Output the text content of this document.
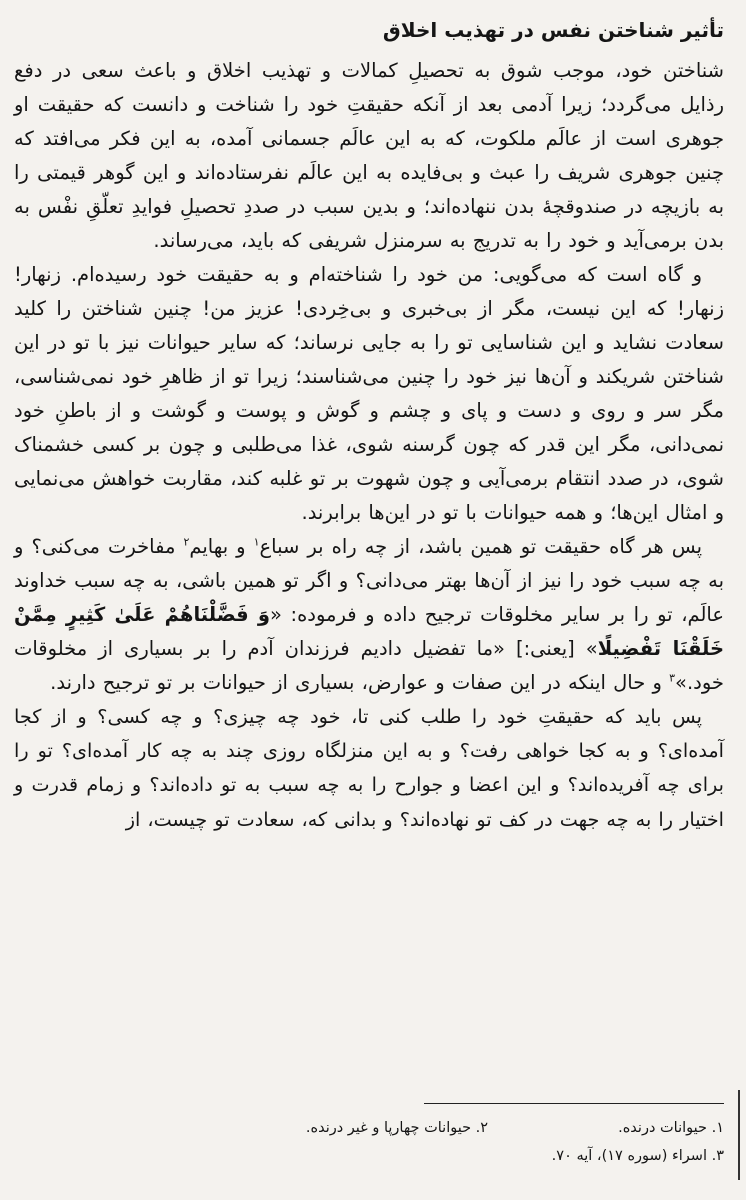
تأثیر شناختن نفس در تهذیب اخلاق

شناختن خود، موجب شوق به تحصیلِ کمالات و تهذیب اخلاق و باعث سعی در دفع رذایل می‌گردد؛ زیرا آدمی بعد از آنکه حقیقتِ خود را شناخت و دانست که حقیقت او جوهری است از عالَم ملکوت، که به این عالَم جسمانی آمده، به این فکر می‌افتد که چنین جوهری شریف را عبث و بی‌فایده به این عالَم نفرستاده‌اند و این گوهر قیمتی را به بازیچه در صندوقچهٔ بدن ننهاده‌اند؛ و بدین سبب در صددِ تحصیلِ فوایدِ تعلّقِ نفْس به بدن برمی‌آید و خود را به تدریج به سرمنزل شریفی که باید، می‌رساند.

و گاه است که می‌گویی: من خود را شناخته‌ام و به حقیقت خود رسیده‌ام. زنهار! زنهار! که این نیست، مگر از بی‌خبری و بی‌خِردی! عزیز من! چنین شناختن را کلید سعادت نشاید و این شناسایی تو را به جایی نرساند؛ که سایر حیوانات نیز با تو در این شناختن شریکند و آن‌ها نیز خود را چنین می‌شناسند؛ زیرا تو از ظاهرِ خود نمی‌شناسی، مگر سر و روی و دست و پای و چشم و گوش و پوست و گوشت و از باطنِ خود نمی‌دانی، مگر این قدر که چون گرسنه شوی، غذا می‌طلبی و چون بر کسی خشمناک شوی، در صدد انتقام برمی‌آیی و چون شهوت بر تو غلبه کند، مقاربت خواهش می‌نمایی و امثال این‌ها؛ و همه حیوانات با تو در این‌ها برابرند.

پس هر گاه حقیقت تو همین باشد، از چه راه بر سباع$^۱$ و بهایم$^۲$ مفاخرت می‌کنی؟ و به چه سبب خود را نیز از آن‌ها بهتر می‌دانی؟ و اگر تو همین باشی، به چه سبب خداوند عالَم، تو را بر سایر مخلوقات ترجیح داده و فرموده: «وَ فَضَّلْنَاهُمْ عَلَىٰ كَثِيرٍ مِمَّنْ خَلَقْنَا تَفْضِيلًا» [یعنی:] «ما تفضیل دادیم فرزندان آدم را بر بسیاری از مخلوقات خود.»$^۳$ و حال اینکه در این صفات و عوارض، بسیاری از حیوانات بر تو ترجیح دارند.

پس باید که حقیقتِ خود را طلب کنی تا، خود چه چیزی؟ و چه کسی؟ و از کجا آمده‌ای؟ و به کجا خواهی رفت؟ و به این منزلگاه روزی چند به چه کار آمده‌ای؟ تو را برای چه آفریده‌اند؟ و این اعضا و جوارح را به چه سبب به تو داده‌اند؟ و زمام قدرت و اختیار را به چه جهت در کف تو نهاده‌اند؟ و بدانی که، سعادت تو چیست، از

۱. حیوانات درنده.
۲. حیوانات چهارپا و غیر درنده.
۳. اسراء (سوره ۱۷)، آیه ۷۰.
